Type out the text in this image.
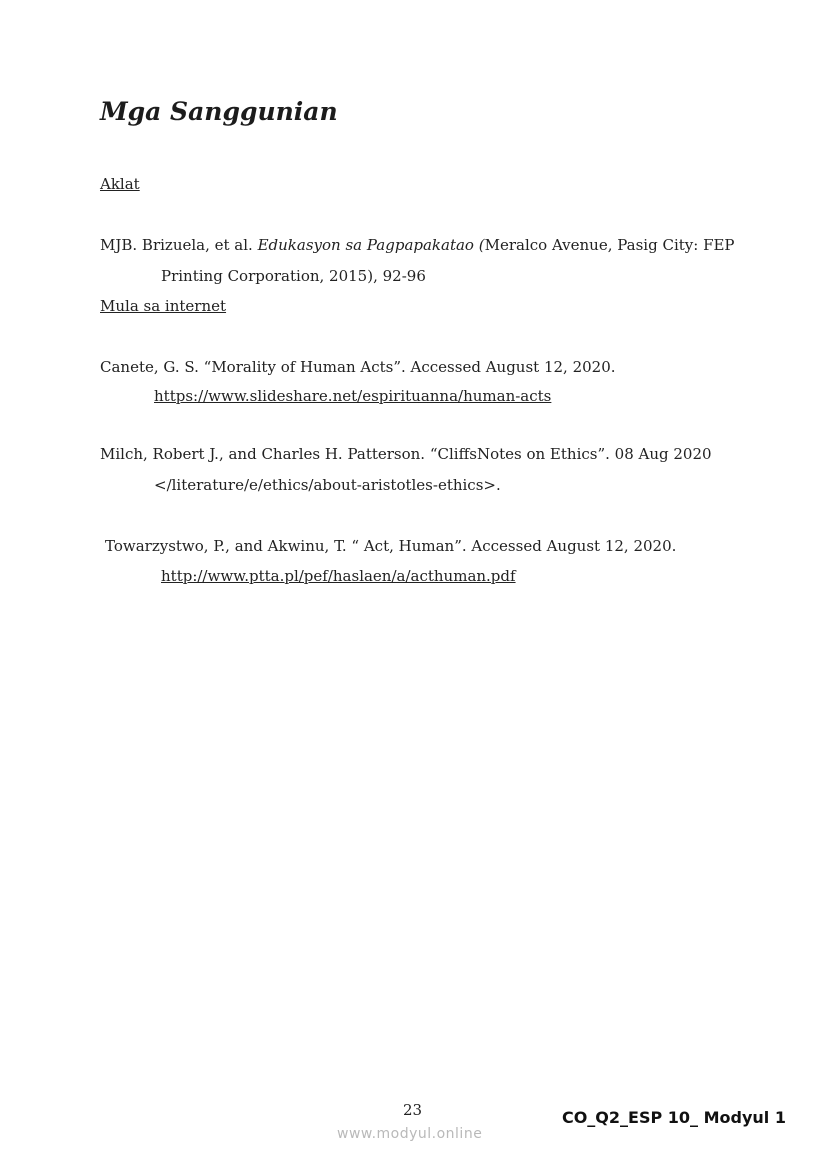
Mga Sanggunian
Aklat
MJB. Brizuela, et al. Edukasyon sa Pagpapakatao (Meralco Avenue, Pasig City: FEP
Printing Corporation, 2015), 92-96
Mula sa internet
Canete, G. S. “Morality of Human Acts”. Accessed August 12, 2020.
https://www.slideshare.net/espirituanna/human-acts
Milch, Robert J., and Charles H. Patterson. “CliffsNotes on Ethics”. 08 Aug 2020
</literature/e/ethics/about-aristotles-ethics>.
Towarzystwo, P., and Akwinu, T. “ Act, Human”. Accessed August 12, 2020.
http://www.ptta.pl/pef/haslaen/a/acthuman.pdf
23	CO_Q2_ESP 10_ Modyul 1
www.modyul.online
